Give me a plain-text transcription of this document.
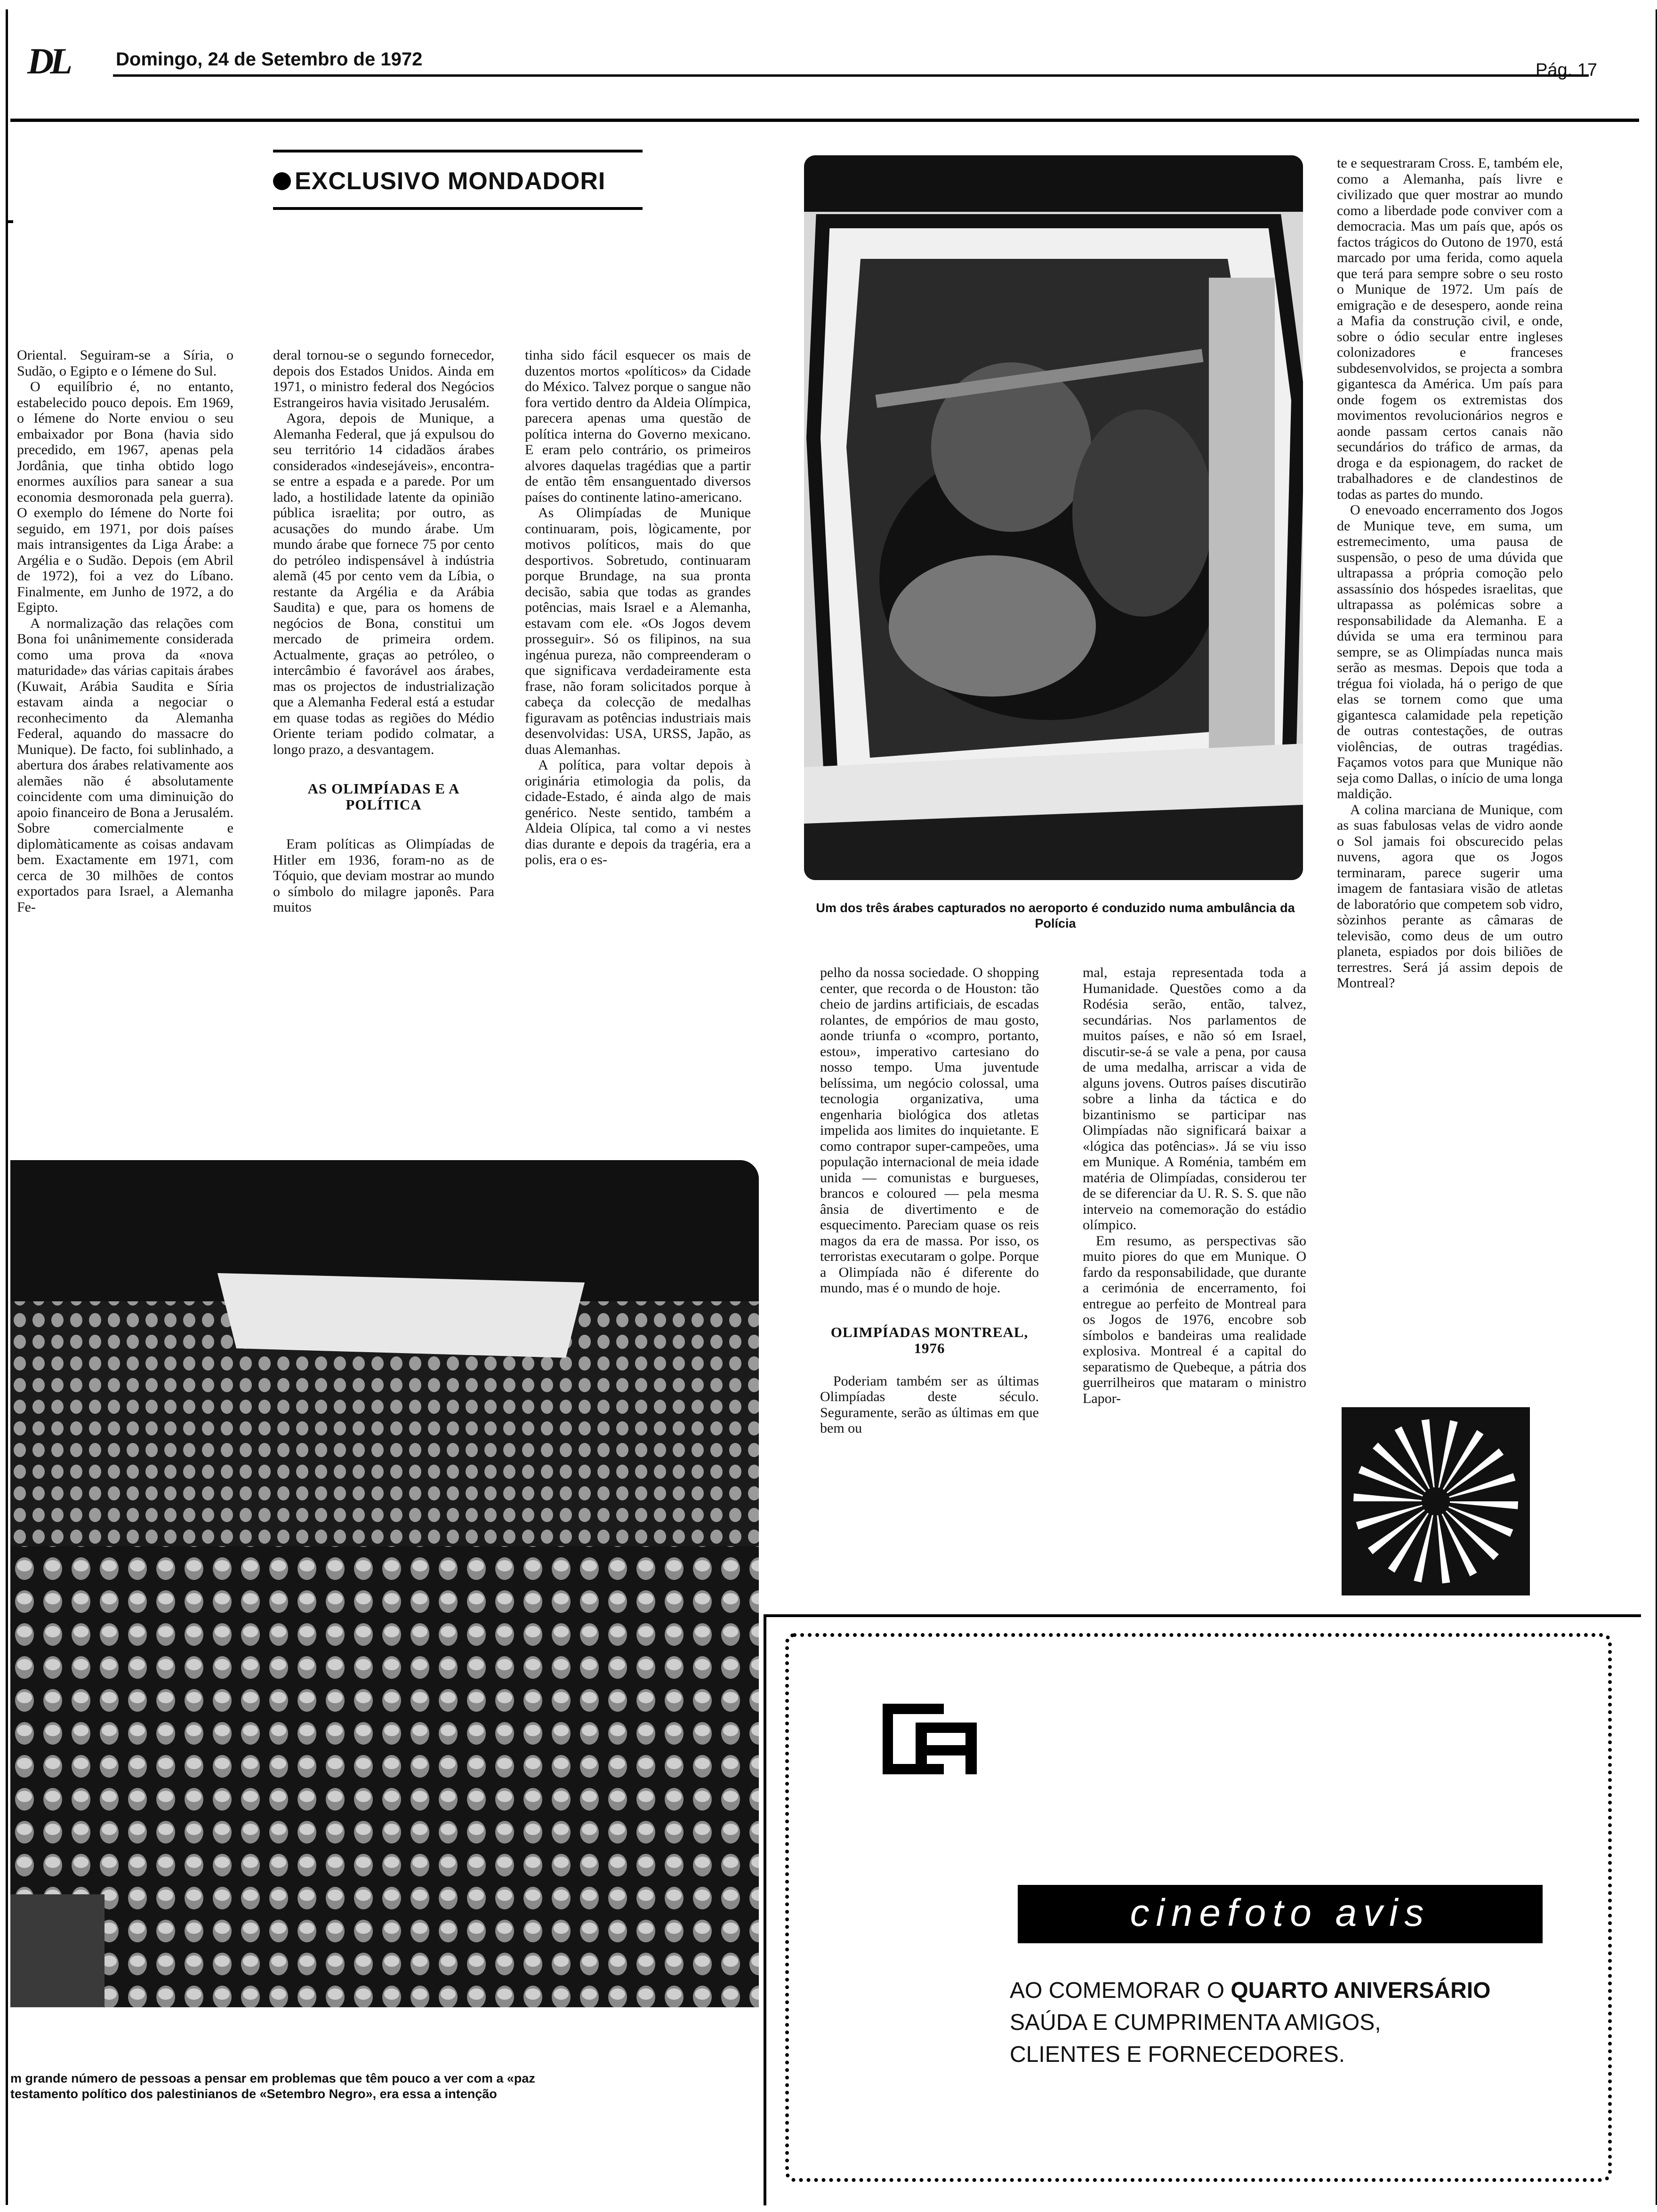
DL	Domingo, 24 de Setembro de 1972
Pág. 17
EXCLUSIVO MONDADORI

Oriental. Seguiram-se a Síria, o Sudão, o Egipto e o Iémene do Sul.

O equilíbrio é, no entanto, estabelecido pouco depois. Em 1969, o Iémene do Norte enviou o seu embaixador por Bona (havia sido precedido, em 1967, apenas pela Jordânia, que tinha obtido logo enormes auxílios para sanear a sua economia desmoronada pela guerra). O exemplo do Iémene do Norte foi seguido, em 1971, por dois países mais intransigentes da Liga Árabe: a Argélia e o Sudão. Depois (em Abril de 1972), foi a vez do Líbano. Finalmente, em Junho de 1972, a do Egipto.

A normalização das relações com Bona foi unânimemente considerada como uma prova da «nova maturidade» das várias capitais árabes (Kuwait, Arábia Saudita e Síria estavam ainda a negociar o reconhecimento da Alemanha Federal, aquando do massacre do Munique). De facto, foi sublinhado, a abertura dos árabes relativamente aos alemães não é absolutamente coincidente com uma diminuição do apoio financeiro de Bona a Jerusalém. Sobre comercialmente e diplomàticamente as coisas andavam bem. Exactamente em 1971, com cerca de 30 milhões de contos exportados para Israel, a Alemanha Fe-

deral tornou-se o segundo fornecedor, depois dos Estados Unidos. Ainda em 1971, o ministro federal dos Negócios Estrangeiros havia visitado Jerusalém.

Agora, depois de Munique, a Alemanha Federal, que já expulsou do seu território 14 cidadãos árabes considerados «indesejáveis», encontra-se entre a espada e a parede. Por um lado, a hostilidade latente da opinião pública israelita; por outro, as acusações do mundo árabe. Um mundo árabe que fornece 75 por cento do petróleo indispensável à indústria alemã (45 por cento vem da Líbia, o restante da Argélia e da Arábia Saudita) e que, para os homens de negócios de Bona, constitui um mercado de primeira ordem. Actualmente, graças ao petróleo, o intercâmbio é favorável aos árabes, mas os projectos de industrialização que a Alemanha Federal está a estudar em quase todas as regiões do Médio Oriente teriam podido colmatar, a longo prazo, a desvantagem.

AS OLIMPÍADAS E A POLÍTICA

Eram políticas as Olimpíadas de Hitler em 1936, foram-no as de Tóquio, que deviam mostrar ao mundo o símbolo do milagre japonês. Para muitos

tinha sido fácil esquecer os mais de duzentos mortos «políticos» da Cidade do México. Talvez porque o sangue não fora vertido dentro da Aldeia Olímpica, parecera apenas uma questão de política interna do Governo mexicano. E eram pelo contrário, os primeiros alvores daquelas tragédias que a partir de então têm ensanguentado diversos países do continente latino-americano.

As Olimpíadas de Munique continuaram, pois, lògicamente, por motivos políticos, mais do que desportivos. Sobretudo, continuaram porque Brundage, na sua pronta decisão, sabia que todas as grandes potências, mais Israel e a Alemanha, estavam com ele. «Os Jogos devem prosseguir». Só os filipinos, na sua ingénua pureza, não compreenderam o que significava verdadeiramente esta frase, não foram solicitados porque à cabeça da colecção de medalhas figuravam as potências industriais mais desenvolvidas: USA, URSS, Japão, as duas Alemanhas.

A política, para voltar depois à originária etimologia da polis, da cidade-Estado, é ainda algo de mais genérico. Neste sentido, também a Aldeia Olípica, tal como a vi nestes dias durante e depois da tragéria, era a polis, era o es-

Um dos três árabes capturados no aeroporto é conduzido numa ambulância da Polícia

pelho da nossa sociedade. O shopping center, que recorda o de Houston: tão cheio de jardins artificiais, de escadas rolantes, de empórios de mau gosto, aonde triunfa o «compro, portanto, estou», imperativo cartesiano do nosso tempo. Uma juventude belíssima, um negócio colossal, uma tecnologia organizativa, uma engenharia biológica dos atletas impelida aos limites do inquietante. E como contrapor super-campeões, uma população internacional de meia idade unida — comunistas e burgueses, brancos e coloured — pela mesma ânsia de divertimento e de esquecimento. Pareciam quase os reis magos da era de massa. Por isso, os terroristas executaram o golpe. Porque a Olimpíada não é diferente do mundo, mas é o mundo de hoje.

OLIMPÍADAS MONTREAL, 1976

Poderiam também ser as últimas Olimpíadas deste século. Seguramente, serão as últimas em que bem ou

mal, estaja representada toda a Humanidade. Questões como a da Rodésia serão, então, talvez, secundárias. Nos parlamentos de muitos países, e não só em Israel, discutir-se-á se vale a pena, por causa de uma medalha, arriscar a vida de alguns jovens. Outros países discutirão sobre a linha da táctica e do bizantinismo se participar nas Olimpíadas não significará baixar a «lógica das potências». Já se viu isso em Munique. A Roménia, também em matéria de Olimpíadas, considerou ter de se diferenciar da U. R. S. S. que não interveio na comemoração do estádio olímpico.

Em resumo, as perspectivas são muito piores do que em Munique. O fardo da responsabilidade, que durante a cerimónia de encerramento, foi entregue ao perfeito de Montreal para os Jogos de 1976, encobre sob símbolos e bandeiras uma realidade explosiva. Montreal é a capital do separatismo de Quebeque, a pátria dos guerrilheiros que mataram o ministro Lapor-

te e sequestraram Cross. E, também ele, como a Alemanha, país livre e civilizado que quer mostrar ao mundo como a liberdade pode conviver com a democracia. Mas um país que, após os factos trágicos do Outono de 1970, está marcado por uma ferida, como aquela que terá para sempre sobre o seu rosto o Munique de 1972. Um país de emigração e de desespero, aonde reina a Mafia da construção civil, e onde, sobre o ódio secular entre ingleses colonizadores e franceses subdesenvolvidos, se projecta a sombra gigantesca da América. Um país para onde fogem os extremistas dos movimentos revolucionários negros e aonde passam certos canais não secundários do tráfico de armas, da droga e da espionagem, do racket de trabalhadores e de clandestinos de todas as partes do mundo.

O enevoado encerramento dos Jogos de Munique teve, em suma, um estremecimento, uma pausa de suspensão, o peso de uma dúvida que ultrapassa a própria comoção pelo assassínio dos hóspedes israelitas, que ultrapassa as polémicas sobre a responsabilidade da Alemanha. E a dúvida se uma era terminou para sempre, se as Olimpíadas nunca mais serão as mesmas. Depois que toda a trégua foi violada, há o perigo de que elas se tornem como que uma gigantesca calamidade pela repetição de outras contestações, de outras violências, de outras tragédias. Façamos votos para que Munique não seja como Dallas, o início de uma longa maldição.

A colina marciana de Munique, com as suas fabulosas velas de vidro aonde o Sol jamais foi obscurecido pelas nuvens, agora que os Jogos terminaram, parece sugerir uma imagem de fantasiara visão de atletas de laboratório que competem sob vidro, sòzinhos perante as câmaras de televisão, como deus de um outro planeta, espiados por dois biliões de terrestres. Será já assim depois de Montreal?

m grande número de pessoas a pensar em problemas que têm pouco a ver com a «paz
testamento político dos palestinianos de «Setembro Negro», era essa a intenção
cinefoto avis
AO COMEMORAR O QUARTO ANIVERSÁRIO
SAÚDA E CUMPRIMENTA AMIGOS,
CLIENTES E FORNECEDORES.
